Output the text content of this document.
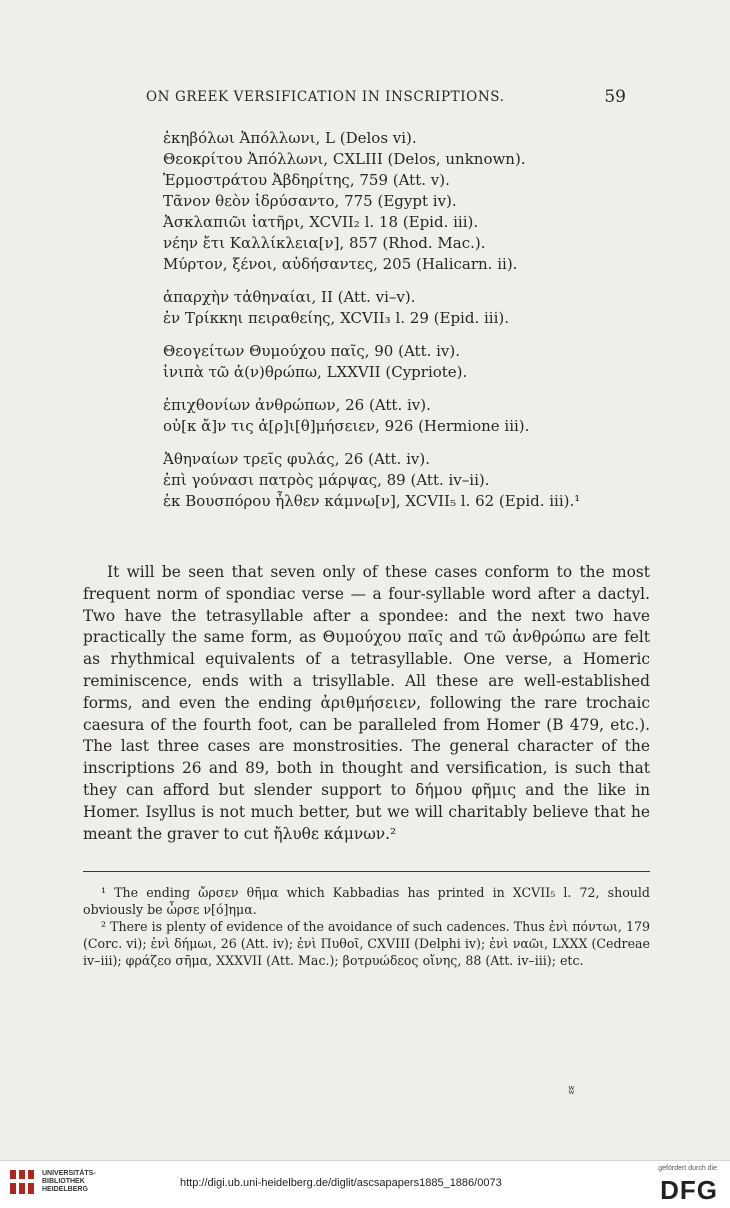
ON GREEK VERSIFICATION IN INSCRIPTIONS.	59
ἐκηβόλωι Ἀπόλλωνι, L (Delos vi).
Θεοκρίτου Ἀπόλλωνι, CXLIII (Delos, unknown).
Ἑρμοστράτου Ἀβδηρίτης, 759 (Att. v).
Τᾶνον θεὸν ἱδρύσαντο, 775 (Egypt iv).
Ἀσκλαπιῶι ἰατῆρι, XCVII₂ l. 18 (Epid. iii).
νέην ἔτι Καλλίκλεια[ν], 857 (Rhod. Mac.).
Μύρτον, ξένοι, αὐδήσαντες, 205 (Halicarn. ii).
ἀπαρχὴν τἀθηναίαι, II (Att. vi–v).
ἐν Τρίκκηι πειραθείης, XCVII₃ l. 29 (Epid. iii).
Θεογείτων Θυμούχου παῖς, 90 (Att. iv).
ἰνιπὰ τῶ ἀ(ν)θρώπω, LXXVII (Cypriote).
ἐπιχθονίων ἀνθρώπων, 26 (Att. iv).
οὐ[κ ἄ]ν τις ἀ[ρ]ι[θ]μήσειεν, 926 (Hermione iii).
Ἀθηναίων τρεῖς φυλάς, 26 (Att. iv).
ἐπὶ γούνασι πατρὸς μάρψας, 89 (Att. iv–ii).
ἐκ Βουσπόρου ἦλθεν κάμνω[ν], XCVII₅ l. 62 (Epid. iii).¹

It will be seen that seven only of these cases conform to the most frequent norm of spondiac verse — a four-syllable word after a dactyl. Two have the tetrasyllable after a spondee: and the next two have practically the same form, as Θυμούχου παῖς and τῶ ἀνθρώπω are felt as rhythmical equivalents of a tetrasyllable. One verse, a Homeric reminiscence, ends with a trisyllable. All these are well-established forms, and even the ending ἀριθμήσειεν, following the rare trochaic caesura of the fourth foot, can be paralleled from Homer (B 479, etc.). The last three cases are monstrosities. The general character of the inscriptions 26 and 89, both in thought and versification, is such that they can afford but slender support to δήμου φῆμις and the like in Homer. Isyllus is not much better, but we will charitably believe that he meant the graver to cut ἤλυθε κάμνων.²

¹ The ending ὤρσεν θῆμα which Kabbadias has printed in XCVII₅ l. 72, should obviously be ὦρσε ν[ό]ημα.

² There is plenty of evidence of the avoidance of such cadences. Thus ἐνὶ πόντωι, 179 (Corc. vi); ἐνὶ δήμωι, 26 (Att. iv); ἐνὶ Πυθοῖ, CXVIII (Delphi iv); ἐνὶ ναῶι, LXXX (Cedreae iv–iii); φράζεο σῆμα, XXXVII (Att. Mac.); βοτρυώδεος οἴνης, 88 (Att. iv–iii); etc.

ʬ
UNIVERSITÄTS-
BIBLIOTHEK
HEIDELBERG
http://digi.ub.uni-heidelberg.de/diglit/ascsapapers1885_1886/0073
gefördert durch die
DFG
